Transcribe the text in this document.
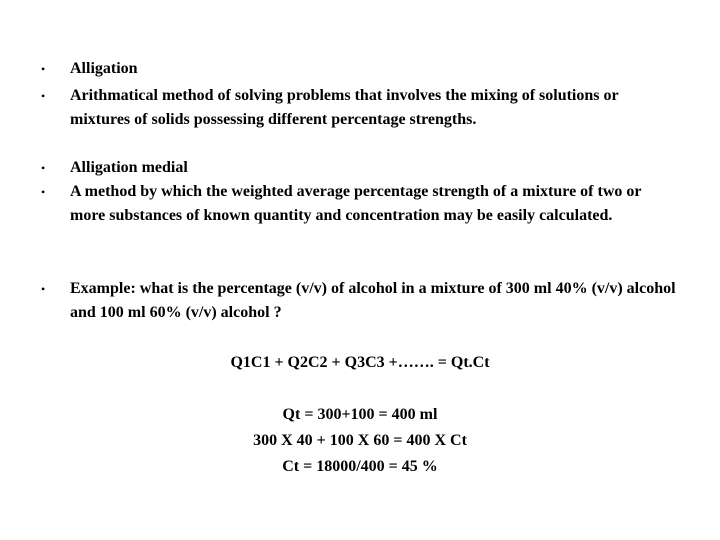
• Alligation
• Arithmatical method of solving problems that involves the mixing of solutions or mixtures of solids possessing different percentage strengths.
• Alligation medial
• A method by which the weighted average percentage strength of a mixture of two or more substances of known quantity and concentration may be easily calculated.
• Example: what is the percentage (v/v) of alcohol in a mixture of 300 ml 40% (v/v) alcohol and 100 ml 60% (v/v) alcohol ?
Q1C1 + Q2C2 + Q3C3 +……. = Qt.Ct
Qt = 300+100 = 400 ml
300 X 40 + 100 X 60 = 400 X Ct
Ct = 18000/400 = 45 %
